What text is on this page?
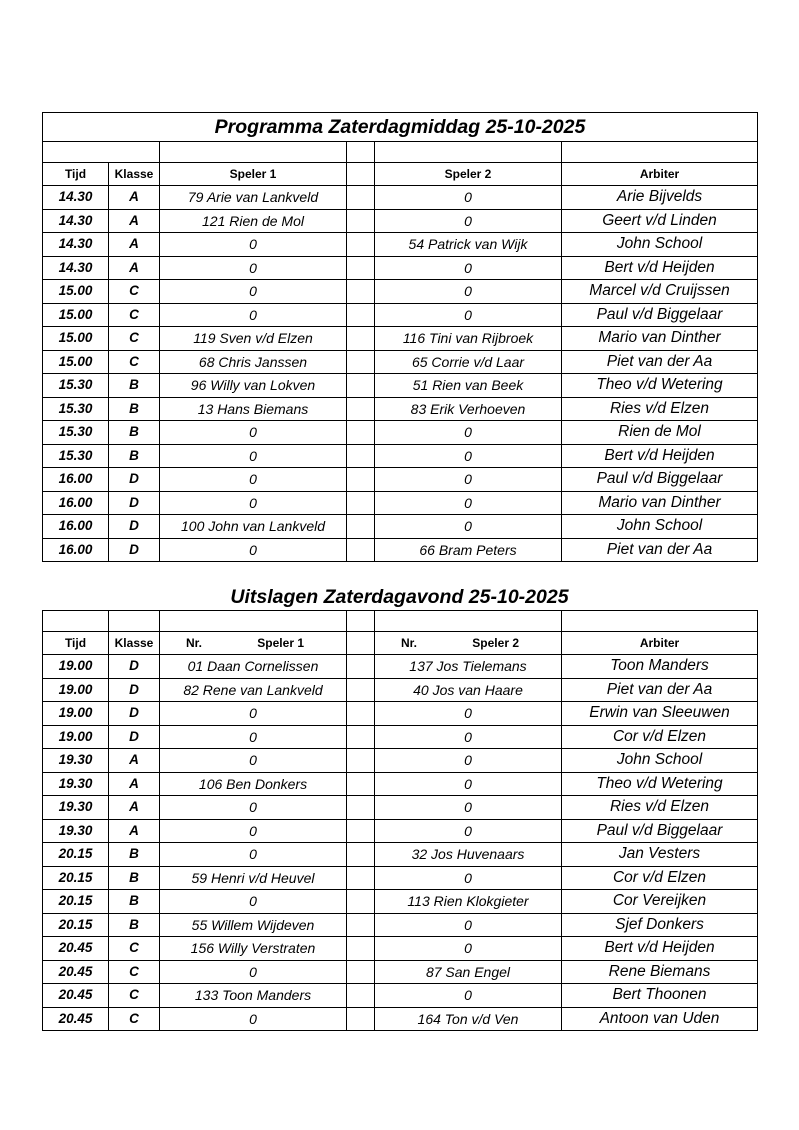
Programma Zaterdagmiddag 25-10-2025					

Tijd	Klasse	Speler 1		Speler 2	Arbiter
14.30	A	79 Arie van Lankveld		0	Arie Bijvelds
14.30	A	121 Rien de Mol		0	Geert v/d Linden
14.30	A	0		54 Patrick van Wijk	John School
14.30	A	0		0	Bert v/d Heijden
15.00	C	0		0	Marcel v/d Cruijssen
15.00	C	0		0	Paul v/d Biggelaar
15.00	C	119 Sven v/d Elzen		116 Tini van Rijbroek	Mario van Dinther
15.00	C	68 Chris Janssen		65 Corrie v/d Laar	Piet van der Aa
15.30	B	96 Willy van Lokven		51 Rien van Beek	Theo v/d Wetering
15.30	B	13 Hans Biemans		83 Erik Verhoeven	Ries v/d Elzen
15.30	B	0		0	Rien de Mol
15.30	B	0		0	Bert v/d Heijden
16.00	D	0		0	Paul v/d Biggelaar
16.00	D	0		0	Mario van Dinther
16.00	D	100 John van Lankveld		0	John School
16.00	D	0		66 Bram Peters	Piet van der Aa
Uitslagen Zaterdagavond 25-10-2025

Tijd	Klasse	Nr. Speler 1		Nr. Speler 2	Arbiter
19.00	D	01 Daan Cornelissen		137 Jos Tielemans	Toon Manders
19.00	D	82 Rene van Lankveld		40 Jos van Haare	Piet van der Aa
19.00	D	0		0	Erwin van Sleeuwen
19.00	D	0		0	Cor v/d Elzen
19.30	A	0		0	John School
19.30	A	106 Ben Donkers		0	Theo v/d Wetering
19.30	A	0		0	Ries v/d Elzen
19.30	A	0		0	Paul v/d Biggelaar
20.15	B	0		32 Jos Huvenaars	Jan Vesters
20.15	B	59 Henri v/d Heuvel		0	Cor v/d Elzen
20.15	B	0		113 Rien Klokgieter	Cor Vereijken
20.15	B	55 Willem Wijdeven		0	Sjef Donkers
20.45	C	156 Willy Verstraten		0	Bert v/d Heijden
20.45	C	0		87 San Engel	Rene Biemans
20.45	C	133 Toon Manders		0	Bert Thoonen
20.45	C	0		164 Ton v/d Ven	Antoon van Uden
